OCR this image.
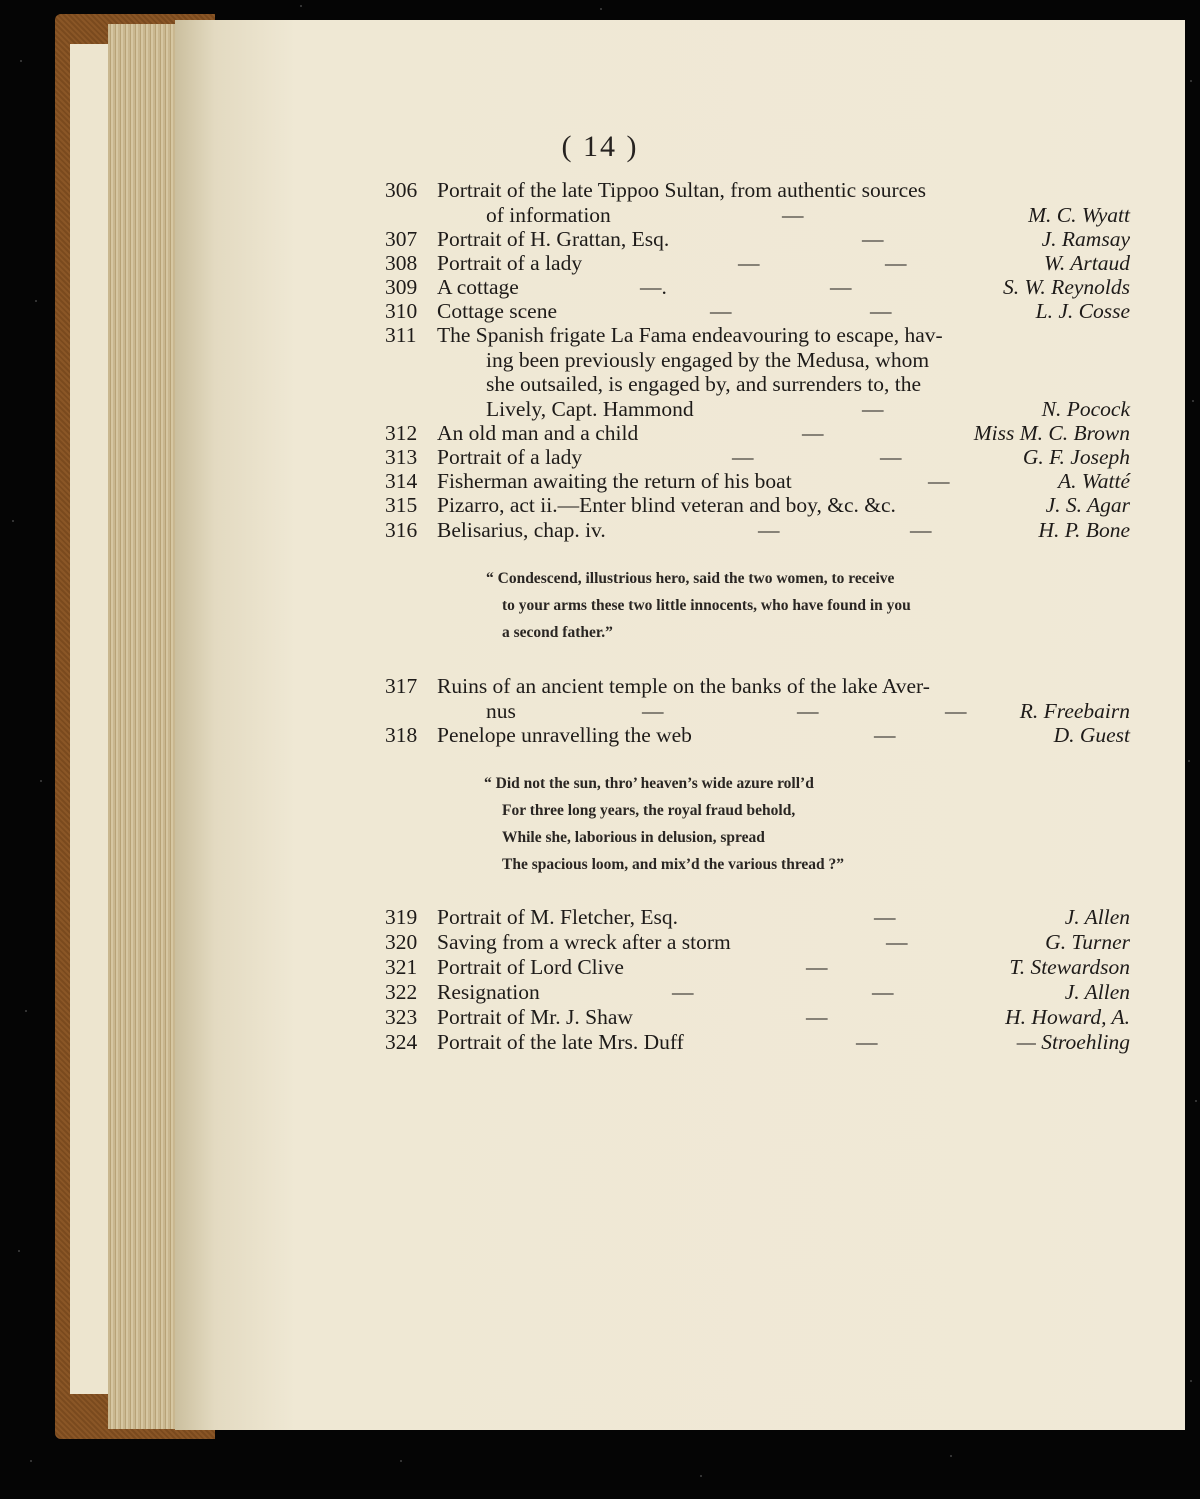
( 14 )
306 Portrait of the late Tippoo Sultan, from authentic sources
of information	—	M. C. Wyatt
307 Portrait of H. Grattan, Esq.	—	J. Ramsay
308 Portrait of a lady	—	—	W. Artaud
309 A cottage	—.	—	S. W. Reynolds
310 Cottage scene	—	—	L. J. Cosse
311 The Spanish frigate La Fama endeavouring to escape, hav-
ing been previously engaged by the Medusa, whom
she outsailed, is engaged by, and surrenders to, the
Lively, Capt. Hammond	—	N. Pocock
312 An old man and a child	—	Miss M. C. Brown
313 Portrait of a lady	—	—	G. F. Joseph
314 Fisherman awaiting the return of his boat	—	A. Watté
315 Pizarro, act ii.—Enter blind veteran and boy, &c. &c.	J. S. Agar
316 Belisarius, chap. iv.	—	—	H. P. Bone
317 Ruins of an ancient temple on the banks of the lake Aver-
nus	—	—	— R. Freebairn
318 Penelope unravelling the web	—	D. Guest
319 Portrait of M. Fletcher, Esq.	—	J. Allen
320 Saving from a wreck after a storm	—	G. Turner
321 Portrait of Lord Clive	—	T. Stewardson
322 Resignation	—	—	J. Allen
323 Portrait of Mr. J. Shaw	—	H. Howard, A.
324 Portrait of the late Mrs. Duff	—	— Stroehling
“ Condescend, illustrious hero, said the two women, to receive
to your arms these two little innocents, who have found in you
a second father.”
“ Did not the sun, thro’ heaven’s wide azure roll’d
For three long years, the royal fraud behold,
While she, laborious in delusion, spread
The spacious loom, and mix’d the various thread ?”
